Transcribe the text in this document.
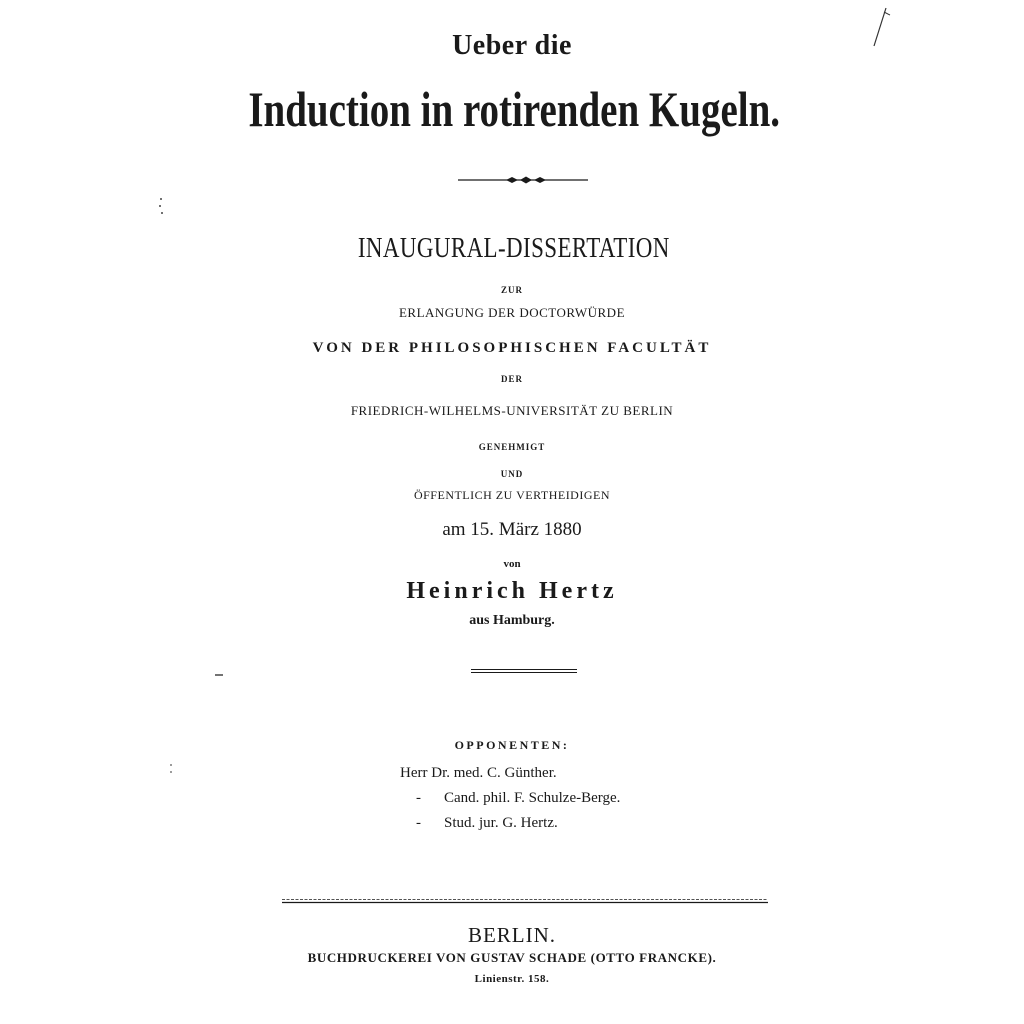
Ueber die
Induction in rotirenden Kugeln.
INAUGURAL-DISSERTATION
ZUR
ERLANGUNG DER DOCTORWÜRDE
VON DER PHILOSOPHISCHEN FACULTÄT
DER
FRIEDRICH-WILHELMS-UNIVERSITÄT ZU BERLIN
GENEHMIGT
UND
ÖFFENTLICH ZU VERTHEIDIGEN
am 15. März 1880
von
Heinrich Hertz
aus Hamburg.
OPPONENTEN:
Herr Dr. med. C. Günther.
- Cand. phil. F. Schulze-Berge.
- Stud. jur. G. Hertz.
BERLIN.
BUCHDRUCKEREI VON GUSTAV SCHADE (OTTO FRANCKE).
Linienstr. 158.
